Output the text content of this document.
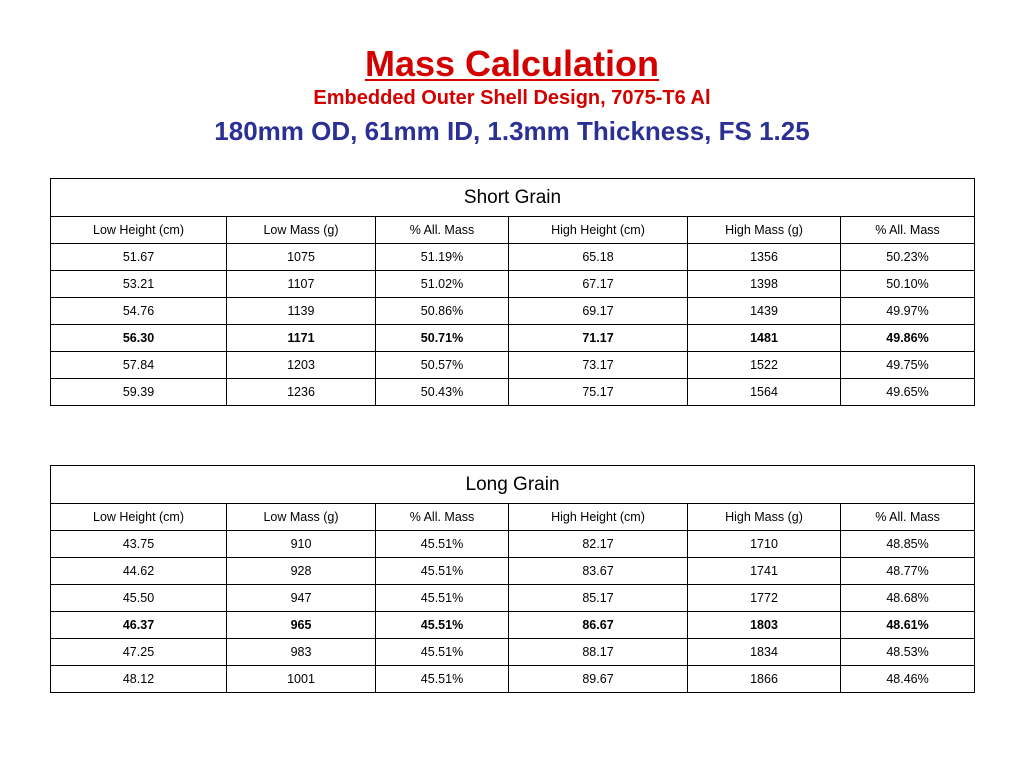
Mass Calculation
Embedded Outer Shell Design, 7075-T6 Al
180mm OD, 61mm ID, 1.3mm Thickness, FS 1.25
Short Grain					
Low Height (cm)	Low Mass (g)	% All. Mass	High Height (cm)	High Mass (g)	% All. Mass
51.67	1075	51.19%	65.18	1356	50.23%
53.21	1107	51.02%	67.17	1398	50.10%
54.76	1139	50.86%	69.17	1439	49.97%
56.30	1171	50.71%	71.17	1481	49.86%
57.84	1203	50.57%	73.17	1522	49.75%
59.39	1236	50.43%	75.17	1564	49.65%
Long Grain					
Low Height (cm)	Low Mass (g)	% All. Mass	High Height (cm)	High Mass (g)	% All. Mass
43.75	910	45.51%	82.17	1710	48.85%
44.62	928	45.51%	83.67	1741	48.77%
45.50	947	45.51%	85.17	1772	48.68%
46.37	965	45.51%	86.67	1803	48.61%
47.25	983	45.51%	88.17	1834	48.53%
48.12	1001	45.51%	89.67	1866	48.46%
